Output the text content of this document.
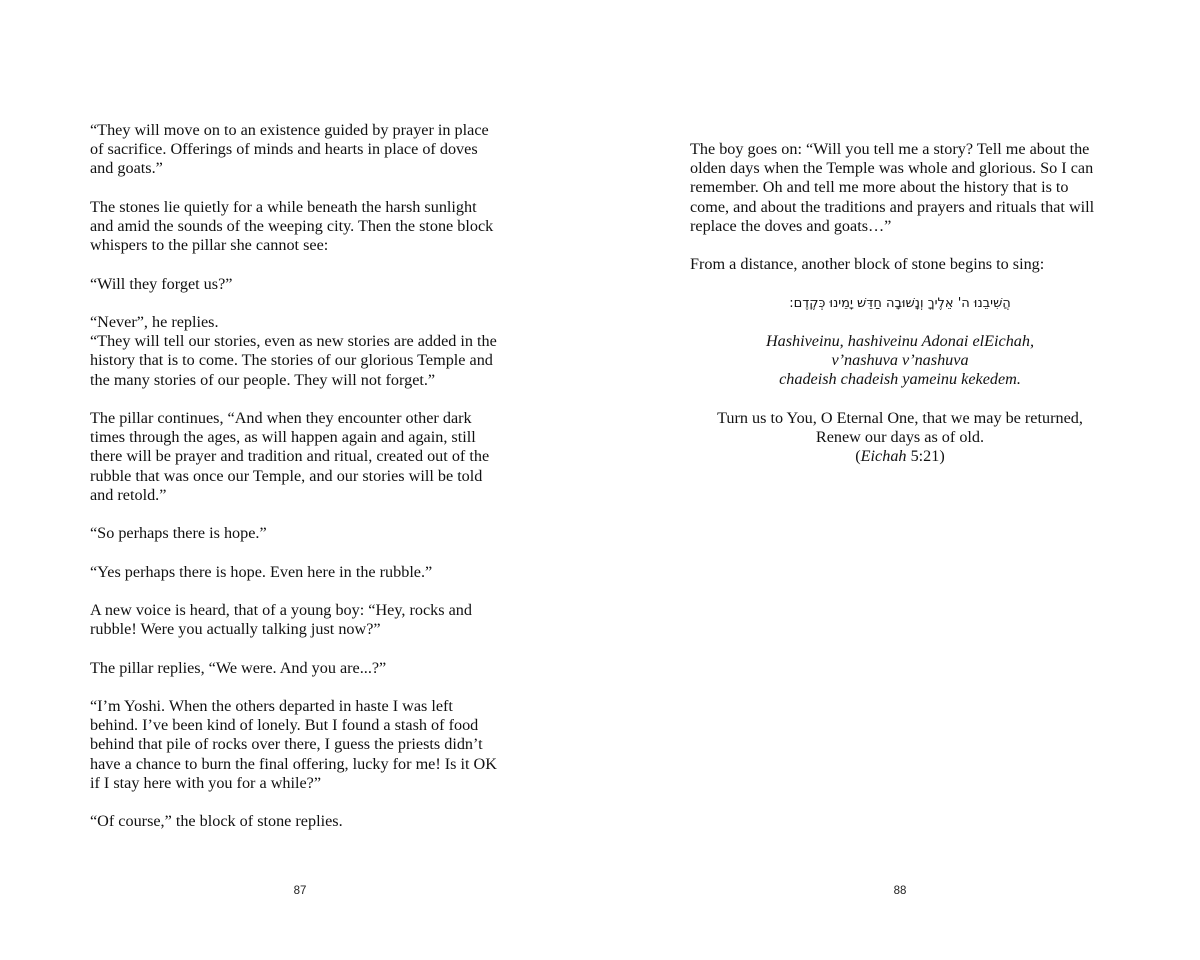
“They will move on to an existence guided by prayer in place
of sacrifice. Offerings of minds and hearts in place of doves
and goats.”

The stones lie quietly for a while beneath the harsh sunlight
and amid the sounds of the weeping city. Then the stone block
whispers to the pillar she cannot see:

“Will they forget us?”

“Never”, he replies.

“They will tell our stories, even as new stories are added in the
history that is to come. The stories of our glorious Temple and
the many stories of our people. They will not forget.”

The pillar continues, “And when they encounter other dark
times through the ages, as will happen again and again, still
there will be prayer and tradition and ritual, created out of the
rubble that was once our Temple, and our stories will be told
and retold.”

“So perhaps there is hope.”

“Yes perhaps there is hope. Even here in the rubble.”

A new voice is heard, that of a young boy: “Hey, rocks and
rubble! Were you actually talking just now?”

The pillar replies, “We were. And you are...?”

“I’m Yoshi. When the others departed in haste I was left
behind. I’ve been kind of lonely. But I found a stash of food
behind that pile of rocks over there, I guess the priests didn’t
have a chance to burn the final offering, lucky for me! Is it OK
if I stay here with you for a while?”

“Of course,” the block of stone replies.

87

The boy goes on: “Will you tell me a story? Tell me about the
olden days when the Temple was whole and glorious. So I can
remember. Oh and tell me more about the history that is to
come, and about the traditions and prayers and rituals that will
replace the doves and goats…”

From a distance, another block of stone begins to sing:

הֲשִׁיבֵנוּ ה' אֵלֶיךָ וְנָשׁוּבָה חַדֵּשׁ יָמֵינוּ כְּקֶדֶם:

Hashiveinu, hashiveinu Adonai elEichah,
v’nashuva v’nashuva
chadeish chadeish yameinu kekedem.

Turn us to You, O Eternal One, that we may be returned,
Renew our days as of old.
(Eichah 5:21)
88
